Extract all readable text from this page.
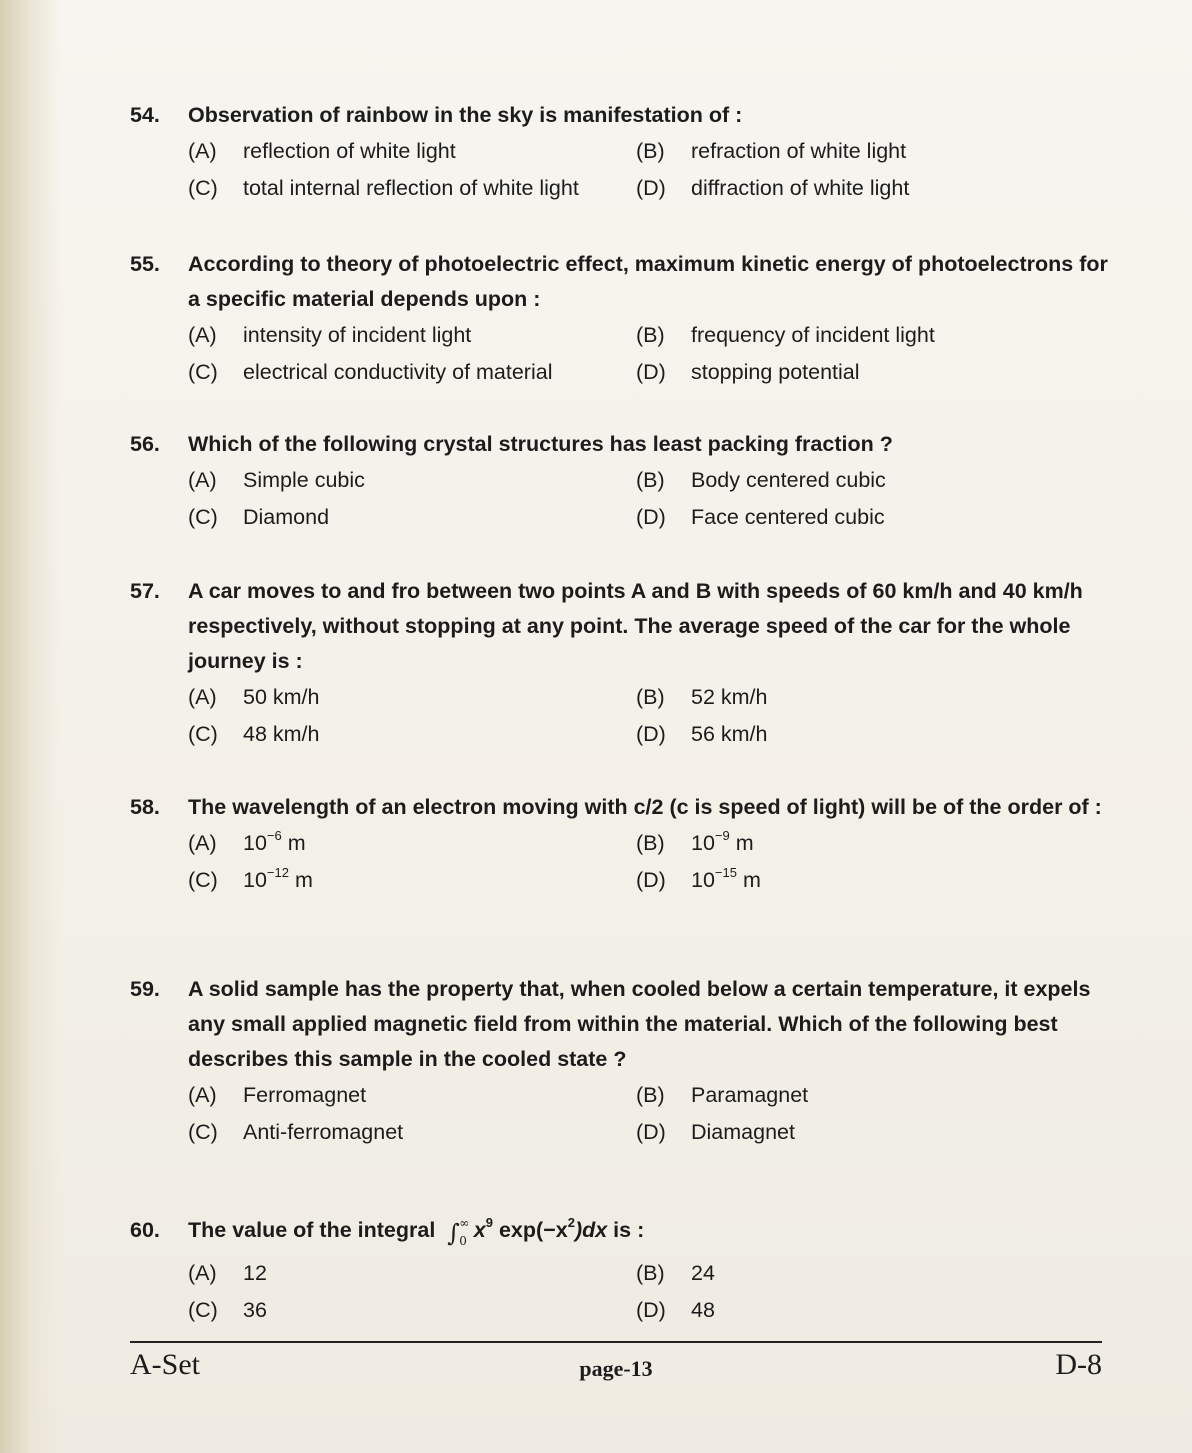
54.	Observation of rainbow in the sky is manifestation of :
(A)	reflection of white light	(B)	refraction of white light
(C)	total internal reflection of white light	(D)	diffraction of white light
55.	According to theory of photoelectric effect, maximum kinetic energy of photoelectrons for a specific material depends upon :
(A)	intensity of incident light	(B)	frequency of incident light
(C)	electrical conductivity of material	(D)	stopping potential
56.	Which of the following crystal structures has least packing fraction ?
(A)	Simple cubic	(B)	Body centered cubic
(C)	Diamond	(D)	Face centered cubic
57.	A car moves to and fro between two points A and B with speeds of 60 km/h and 40 km/h respectively, without stopping at any point. The average speed of the car for the whole journey is :
(A)	50 km/h	(B)	52 km/h
(C)	48 km/h	(D)	56 km/h
58.	The wavelength of an electron moving with c/2 (c is speed of light) will be of the order of :
(A)	$10^{-6}$ m	(B)	$10^{-9}$ m
(C)	$10^{-12}$ m	(D)	$10^{-15}$ m
59.	A solid sample has the property that, when cooled below a certain temperature, it expels any small applied magnetic field from within the material. Which of the following best describes this sample in the cooled state ?
(A)	Ferromagnet	(B)	Paramagnet
(C)	Anti-ferromagnet	(D)	Diamagnet
60.	The value of the integral ∫ ∞
0 $x^9$ $\exp(-x^2)dx$ is :
(A)	12	(B)	24
(C)	36	(D)	48
A-Set	page-13	D-8
